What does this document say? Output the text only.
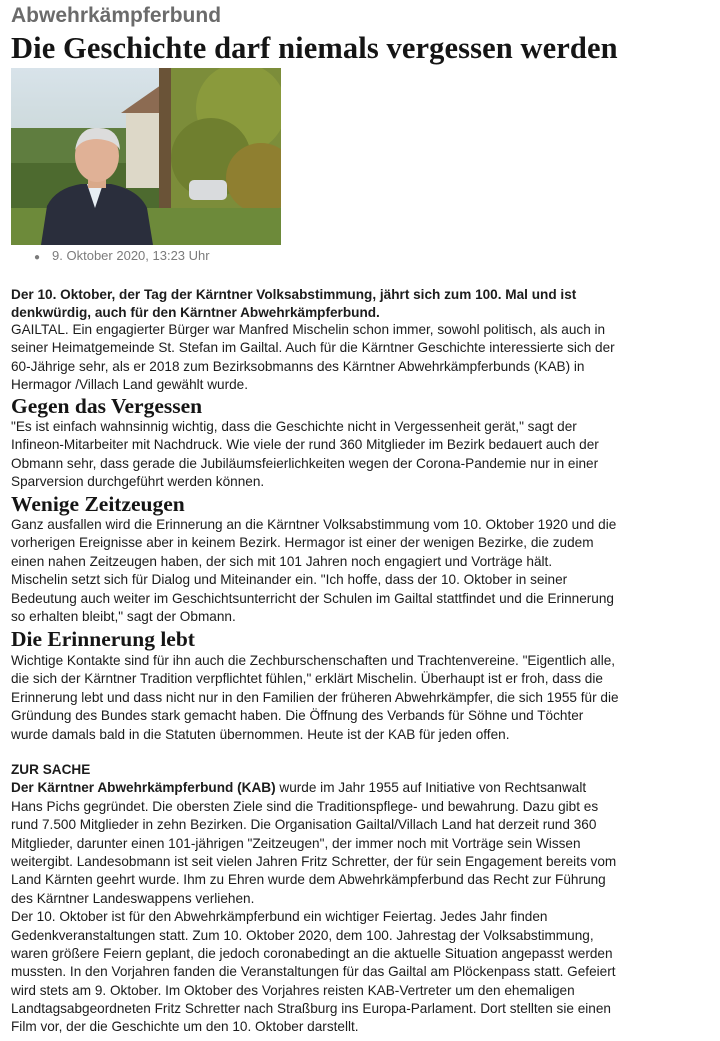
Abwehrkämpferbund
Die Geschichte darf niemals vergessen werden
● 9. Oktober 2020, 13:23 Uhr
Der 10. Oktober, der Tag der Kärntner Volksabstimmung, jährt sich zum 100. Mal und ist
denkwürdig, auch für den Kärntner Abwehrkämpferbund.
GAILTAL. Ein engagierter Bürger war Manfred Mischelin schon immer, sowohl politisch, als auch in
seiner Heimatgemeinde St. Stefan im Gailtal. Auch für die Kärntner Geschichte interessierte sich der
60-Jährige sehr, als er 2018 zum Bezirksobmanns des Kärntner Abwehrkämpferbunds (KAB) in
Hermagor /Villach Land gewählt wurde.
Gegen das Vergessen
"Es ist einfach wahnsinnig wichtig, dass die Geschichte nicht in Vergessenheit gerät," sagt der
Infineon-Mitarbeiter mit Nachdruck. Wie viele der rund 360 Mitglieder im Bezirk bedauert auch der
Obmann sehr, dass gerade die Jubiläumsfeierlichkeiten wegen der Corona-Pandemie nur in einer
Sparversion durchgeführt werden können.
Wenige Zeitzeugen
Ganz ausfallen wird die Erinnerung an die Kärntner Volksabstimmung vom 10. Oktober 1920 und die
vorherigen Ereignisse aber in keinem Bezirk. Hermagor ist einer der wenigen Bezirke, die zudem
einen nahen Zeitzeugen haben, der sich mit 101 Jahren noch engagiert und Vorträge hält.
Mischelin setzt sich für Dialog und Miteinander ein. "Ich hoffe, dass der 10. Oktober in seiner
Bedeutung auch weiter im Geschichtsunterricht der Schulen im Gailtal stattfindet und die Erinnerung
so erhalten bleibt," sagt der Obmann.
Die Erinnerung lebt
Wichtige Kontakte sind für ihn auch die Zechburschenschaften und Trachtenvereine. "Eigentlich alle,
die sich der Kärntner Tradition verpflichtet fühlen," erklärt Mischelin. Überhaupt ist er froh, dass die
Erinnerung lebt und dass nicht nur in den Familien der früheren Abwehrkämpfer, die sich 1955 für die
Gründung des Bundes stark gemacht haben. Die Öffnung des Verbands für Söhne und Töchter
wurde damals bald in die Statuten übernommen. Heute ist der KAB für jeden offen.
ZUR SACHE
Der Kärntner Abwehrkämpferbund (KAB) wurde im Jahr 1955 auf Initiative von Rechtsanwalt
Hans Pichs gegründet. Die obersten Ziele sind die Traditionspflege- und bewahrung. Dazu gibt es
rund 7.500 Mitglieder in zehn Bezirken. Die Organisation Gailtal/Villach Land hat derzeit rund 360
Mitglieder, darunter einen 101-jährigen "Zeitzeugen", der immer noch mit Vorträge sein Wissen
weitergibt. Landesobmann ist seit vielen Jahren Fritz Schretter, der für sein Engagement bereits vom
Land Kärnten geehrt wurde. Ihm zu Ehren wurde dem Abwehrkämpferbund das Recht zur Führung
des Kärntner Landeswappens verliehen.
Der 10. Oktober ist für den Abwehrkämpferbund ein wichtiger Feiertag. Jedes Jahr finden
Gedenkveranstaltungen statt. Zum 10. Oktober 2020, dem 100. Jahrestag der Volksabstimmung,
waren größere Feiern geplant, die jedoch coronabedingt an die aktuelle Situation angepasst werden
mussten. In den Vorjahren fanden die Veranstaltungen für das Gailtal am Plöckenpass statt. Gefeiert
wird stets am 9. Oktober. Im Oktober des Vorjahres reisten KAB-Vertreter um den ehemaligen
Landtagsabgeordneten Fritz Schretter nach Straßburg ins Europa-Parlament. Dort stellten sie einen
Film vor, der die Geschichte um den 10. Oktober darstellt.
